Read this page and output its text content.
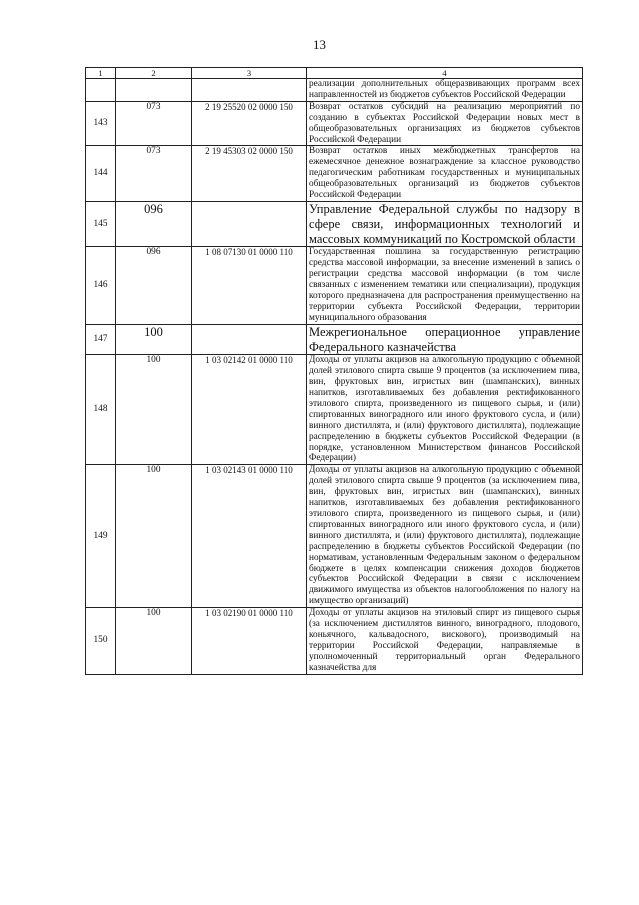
13
1	2	3	4
			реализации дополнительных общеразвивающих программ всех направленностей из бюджетов субъектов Российской Федерации
143	073	2 19 25520 02 0000 150	Возврат остатков субсидий на реализацию мероприятий по созданию в субъектах Российской Федерации новых мест в общеобразовательных организациях из бюджетов субъектов Российской Федерации
144	073	2 19 45303 02 0000 150	Возврат остатков иных межбюджетных трансфертов на ежемесячное денежное вознаграждение за классное руководство педагогическим работникам государственных и муниципальных общеобразовательных организаций из бюджетов субъектов Российской Федерации
145	096		Управление Федеральной службы по надзору в сфере связи, информационных технологий и массовых коммуникаций по Костромской области
146	096	1 08 07130 01 0000 110	Государственная пошлина за государственную регистрацию средства массовой информации, за внесение изменений в запись о регистрации средства массовой информации (в том числе связанных с изменением тематики или специализации), продукция которого предназначена для распространения преимущественно на территории субъекта Российской Федерации, территории муниципального образования
147	100		Межрегиональное операционное управление Федерального казначейства
148	100	1 03 02142 01 0000 110	Доходы от уплаты акцизов на алкогольную продукцию с объемной долей этилового спирта свыше 9 процентов (за исключением пива, вин, фруктовых вин, игристых вин (шампанских), винных напитков, изготавливаемых без добавления ректификованного этилового спирта, произведенного из пищевого сырья, и (или) спиртованных виноградного или иного фруктового сусла, и (или) винного дистиллята, и (или) фруктового дистиллята), подлежащие распределению в бюджеты субъектов Российской Федерации (в порядке, установленном Министерством финансов Российской Федерации)
149	100	1 03 02143 01 0000 110	Доходы от уплаты акцизов на алкогольную продукцию с объемной долей этилового спирта свыше 9 процентов (за исключением пива, вин, фруктовых вин, игристых вин (шампанских), винных напитков, изготавливаемых без добавления ректификованного этилового спирта, произведенного из пищевого сырья, и (или) спиртованных виноградного или иного фруктового сусла, и (или) винного дистиллята, и (или) фруктового дистиллята), подлежащие распределению в бюджеты субъектов Российской Федерации (по нормативам, установленным Федеральным законом о федеральном бюджете в целях компенсации снижения доходов бюджетов субъектов Российской Федерации в связи с исключением движимого имущества из объектов налогообложения по налогу на имущество организаций)
150	100	1 03 02190 01 0000 110	Доходы от уплаты акцизов на этиловый спирт из пищевого сырья (за исключением дистиллятов винного, виноградного, плодового, коньячного, кальвадосного, вискового), производимый на территории Российской Федерации, направляемые в уполномоченный территориальный орган Федерального казначейства для
